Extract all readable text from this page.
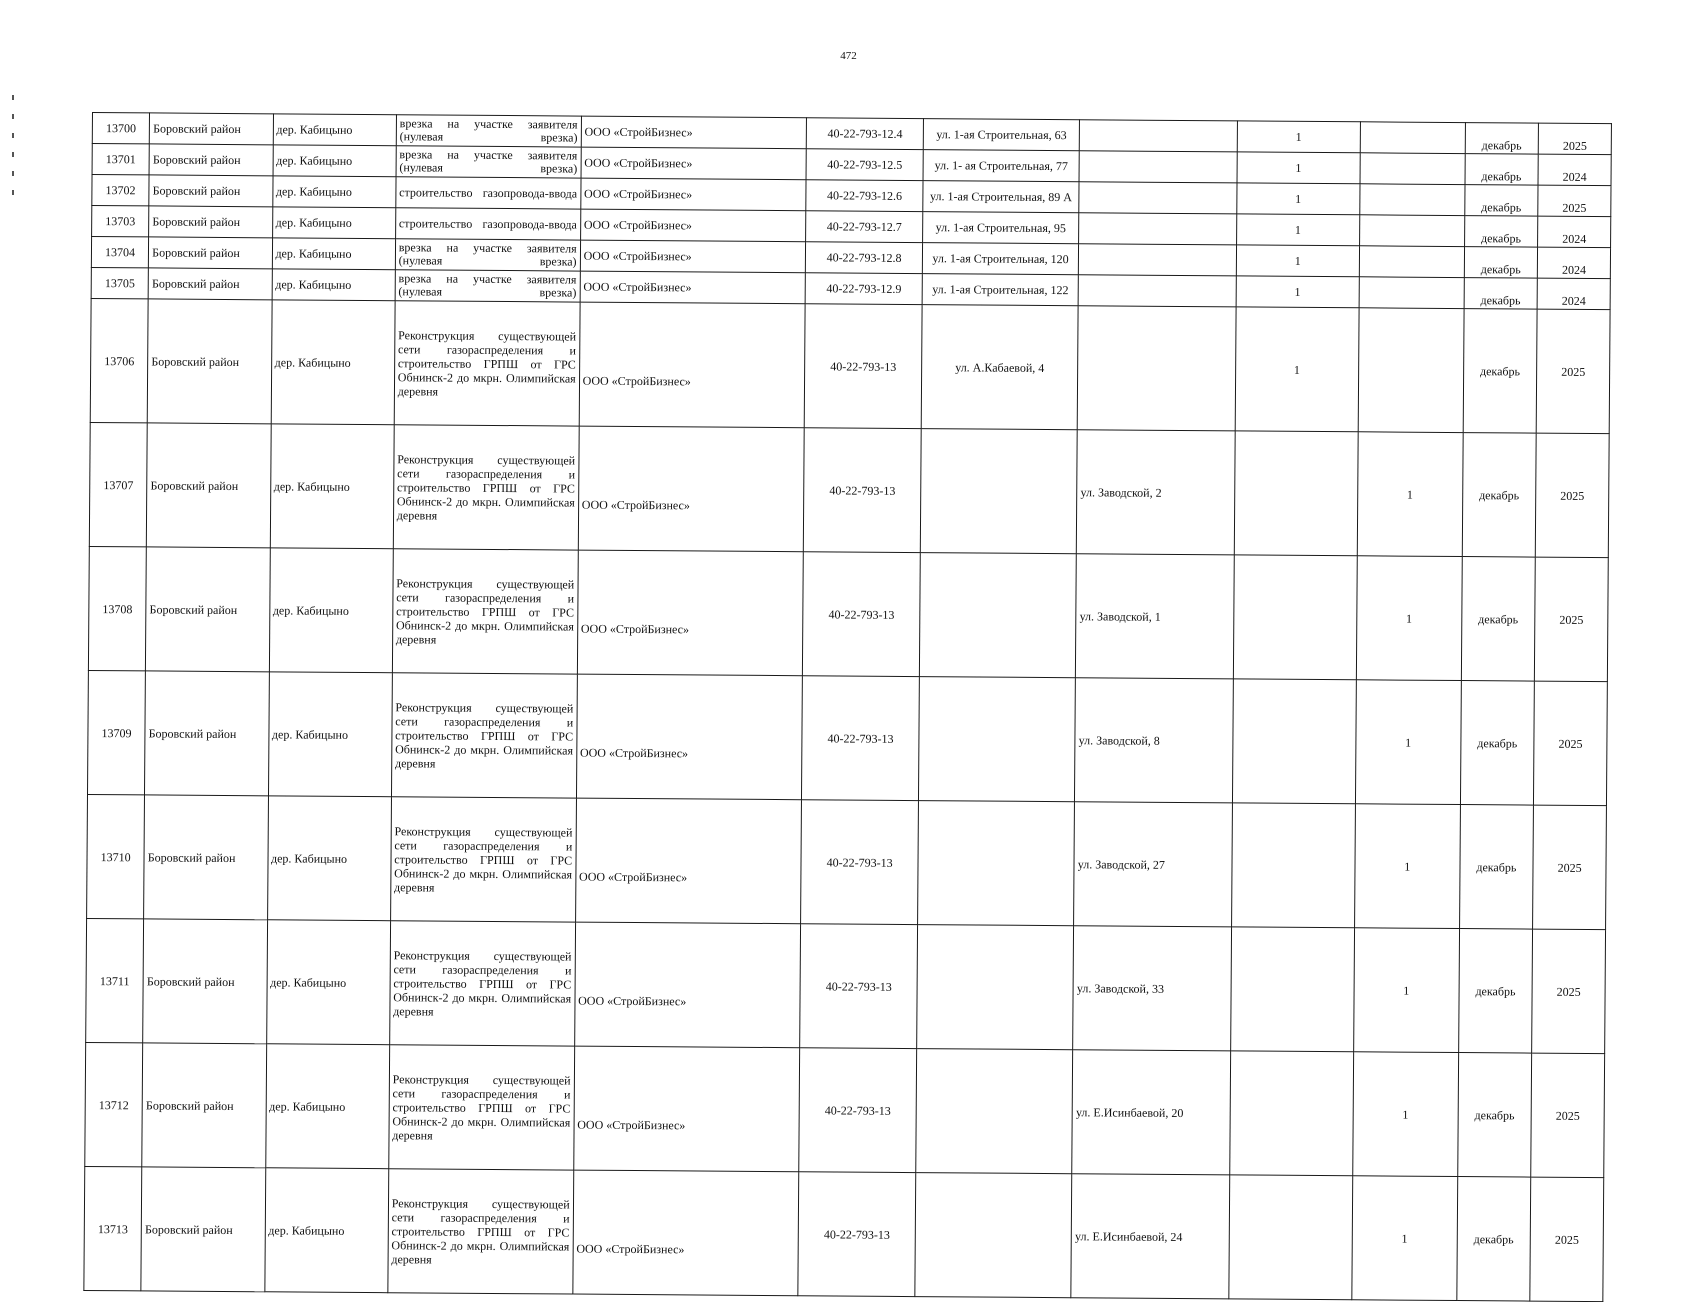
472
13700	Боровский район	дер. Кабицыно	врезка на участке заявителя (нулевая врезка)	ООО «СтройБизнес»	40-22-793-12.4	ул. 1-ая Строительная, 63		1		декабрь	2025
13701	Боровский район	дер. Кабицыно	врезка на участке заявителя (нулевая врезка)	ООО «СтройБизнес»	40-22-793-12.5	ул. 1- ая Строительная, 77		1		декабрь	2024
13702	Боровский район	дер. Кабицыно	строительство газопровода-ввода	ООО «СтройБизнес»	40-22-793-12.6	ул. 1-ая Строительная, 89 А		1		декабрь	2025
13703	Боровский район	дер. Кабицыно	строительство газопровода-ввода	ООО «СтройБизнес»	40-22-793-12.7	ул. 1-ая Строительная, 95		1		декабрь	2024
13704	Боровский район	дер. Кабицыно	врезка на участке заявителя (нулевая врезка)	ООО «СтройБизнес»	40-22-793-12.8	ул. 1-ая Строительная, 120		1		декабрь	2024
13705	Боровский район	дер. Кабицыно	врезка на участке заявителя (нулевая врезка)	ООО «СтройБизнес»	40-22-793-12.9	ул. 1-ая Строительная, 122		1		декабрь	2024
13706	Боровский район	дер. Кабицыно	Реконструкция существующей сети газораспределения и строительство ГРПШ от ГРС Обнинск-2 до мкрн. Олимпийская деревня	ООО «СтройБизнес»	40-22-793-13	ул. А.Кабаевой, 4		1		декабрь	2025
13707	Боровский район	дер. Кабицыно	Реконструкция существующей сети газораспределения и строительство ГРПШ от ГРС Обнинск-2 до мкрн. Олимпийская деревня	ООО «СтройБизнес»	40-22-793-13		ул. Заводской, 2		1	декабрь	2025
13708	Боровский район	дер. Кабицыно	Реконструкция существующей сети газораспределения и строительство ГРПШ от ГРС Обнинск-2 до мкрн. Олимпийская деревня	ООО «СтройБизнес»	40-22-793-13		ул. Заводской, 1		1	декабрь	2025
13709	Боровский район	дер. Кабицыно	Реконструкция существующей сети газораспределения и строительство ГРПШ от ГРС Обнинск-2 до мкрн. Олимпийская деревня	ООО «СтройБизнес»	40-22-793-13		ул. Заводской, 8		1	декабрь	2025
13710	Боровский район	дер. Кабицыно	Реконструкция существующей сети газораспределения и строительство ГРПШ от ГРС Обнинск-2 до мкрн. Олимпийская деревня	ООО «СтройБизнес»	40-22-793-13		ул. Заводской, 27		1	декабрь	2025
13711	Боровский район	дер. Кабицыно	Реконструкция существующей сети газораспределения и строительство ГРПШ от ГРС Обнинск-2 до мкрн. Олимпийская деревня	ООО «СтройБизнес»	40-22-793-13		ул. Заводской, 33		1	декабрь	2025
13712	Боровский район	дер. Кабицыно	Реконструкция существующей сети газораспределения и строительство ГРПШ от ГРС Обнинск-2 до мкрн. Олимпийская деревня	ООО «СтройБизнес»	40-22-793-13		ул. Е.Исинбаевой, 20		1	декабрь	2025
13713	Боровский район	дер. Кабицыно	Реконструкция существующей сети газораспределения и строительство ГРПШ от ГРС Обнинск-2 до мкрн. Олимпийская деревня	ООО «СтройБизнес»	40-22-793-13		ул. Е.Исинбаевой, 24		1	декабрь	2025
